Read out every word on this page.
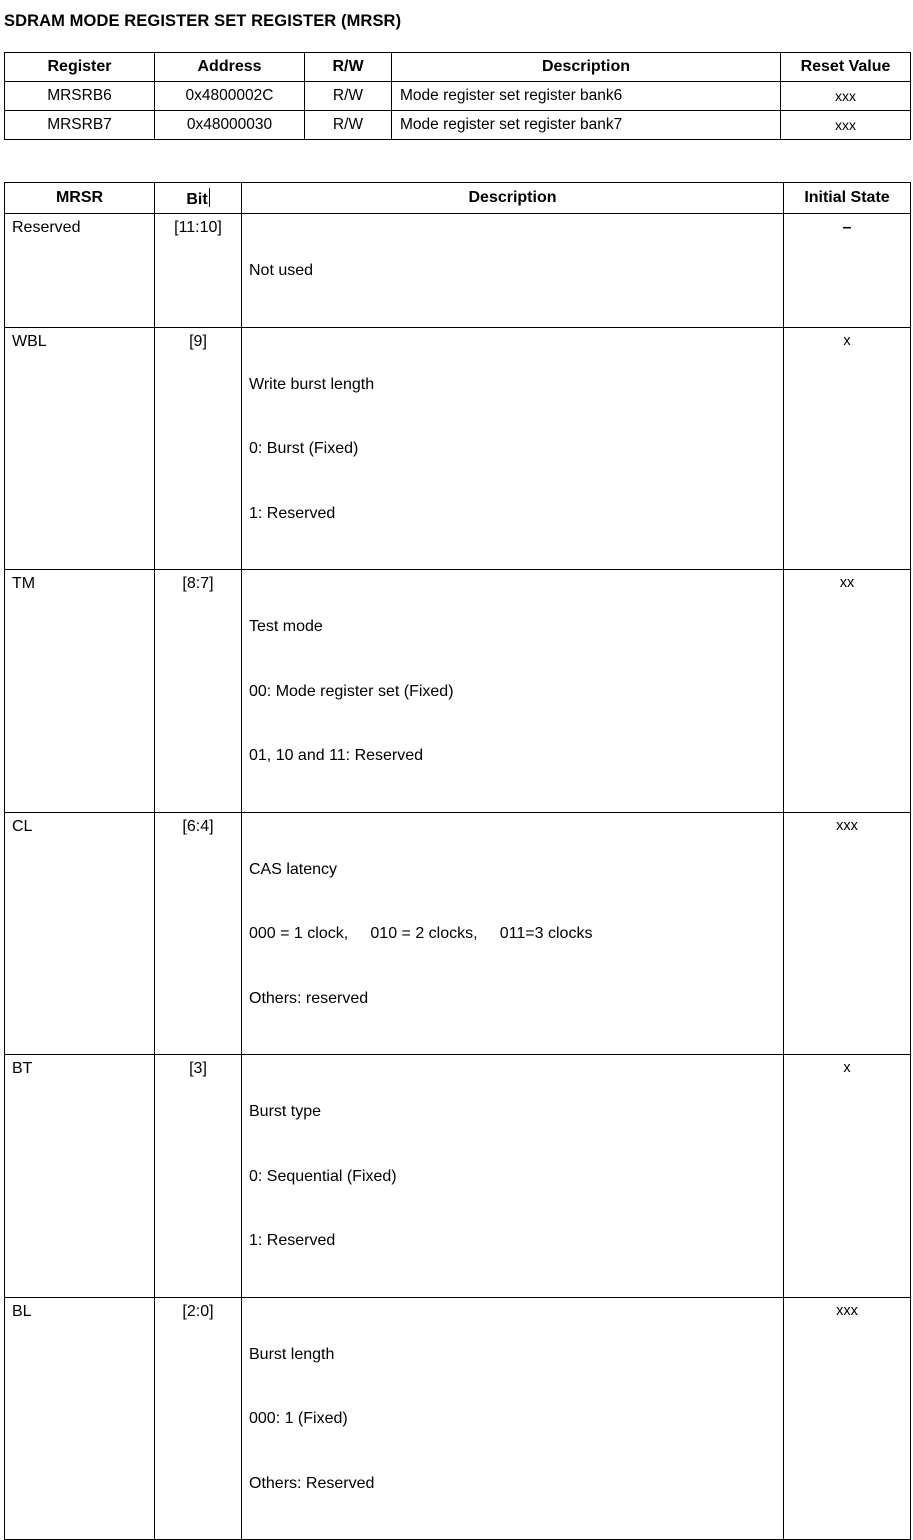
SDRAM MODE REGISTER SET REGISTER (MRSR)
Register	Address	R/W	Description	Reset Value
MRSRB6	0x4800002C	R/W	Mode register set register bank6	xxx
MRSRB7	0x48000030	R/W	Mode register set register bank7	xxx
MRSR	Bit	Description	Initial State
Reserved	[11:10]	Not used	–
WBL	[9]	Write burst length

0: Burst (Fixed)

1: Reserved	x
TM	[8:7]	Test mode

00: Mode register set (Fixed)

01, 10 and 11: Reserved	xx
CL	[6:4]	CAS latency

000 = 1 clock,     010 = 2 clocks,     011=3 clocks

Others: reserved	xxx
BT	[3]	Burst type

0: Sequential (Fixed)

1: Reserved	x
BL	[2:0]	Burst length

000: 1 (Fixed)

Others: Reserved	xxx
